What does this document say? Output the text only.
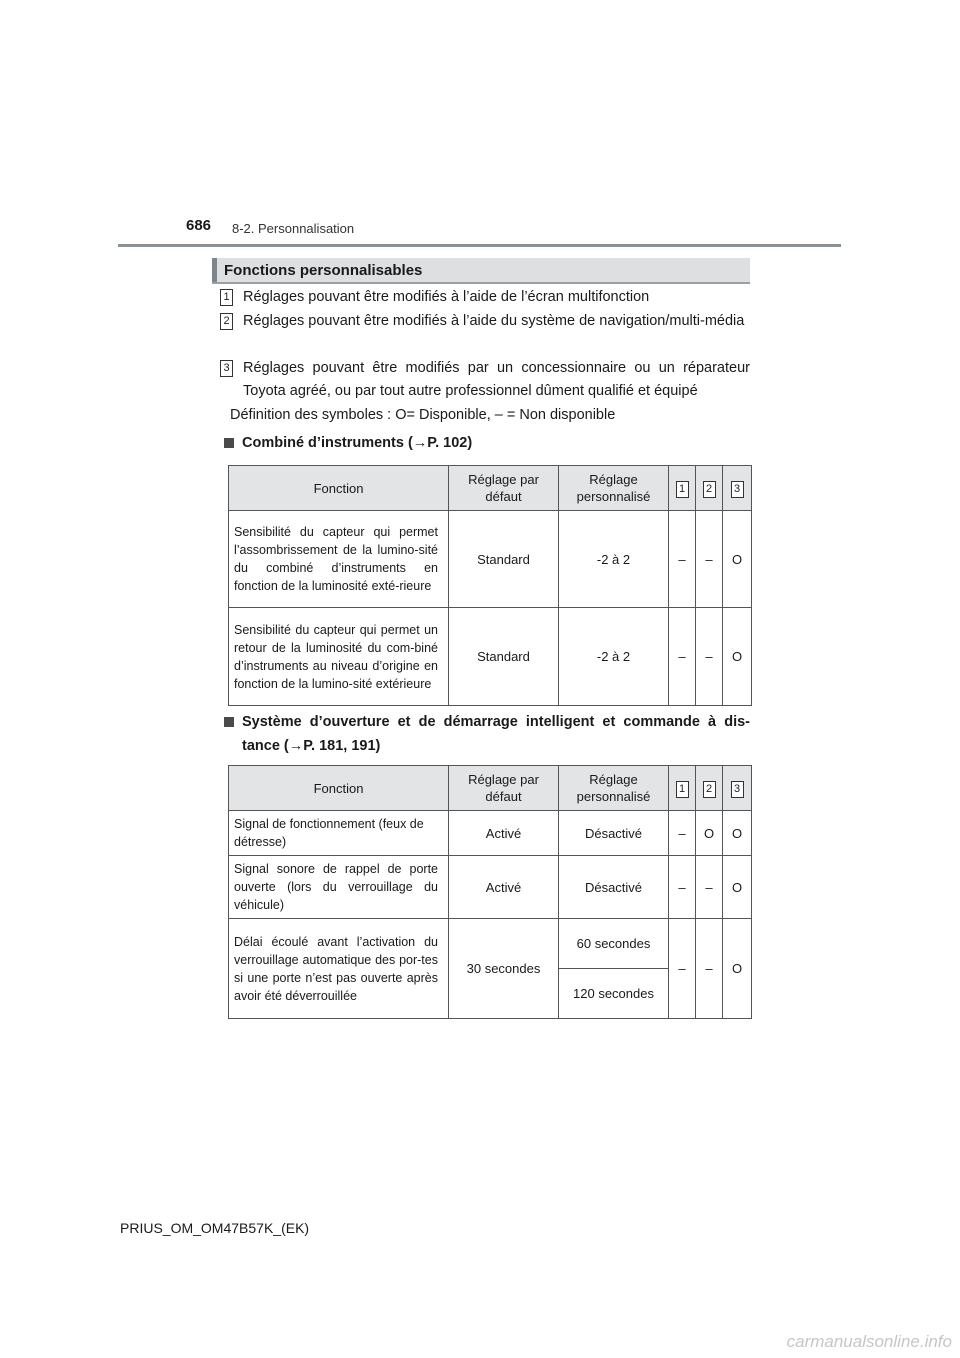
686 8-2. Personnalisation
Fonctions personnalisables
1 Réglages pouvant être modifiés à l’aide de l’écran multifonction
2 Réglages pouvant être modifiés à l’aide du système de navigation/multi-média
3 Réglages pouvant être modifiés par un concessionnaire ou un réparateur Toyota agréé, ou par tout autre professionnel dûment qualifié et équipé
Définition des symboles : O= Disponible, – = Non disponible
Combiné d’instruments (→P. 102)
Fonction	Réglage par défaut	Réglage personnalisé	1	2	3
Sensibilité du capteur qui permet l’assombrissement de la lumino-sité du combiné d’instruments en fonction de la luminosité exté-rieure	Standard	-2 à 2	–	–	O
Sensibilité du capteur qui permet un retour de la luminosité du com-biné d’instruments au niveau d’origine en fonction de la lumino-sité extérieure	Standard	-2 à 2	–	–	O
Système d’ouverture et de démarrage intelligent et commande à dis-tance (→P. 181, 191)
Fonction	Réglage par défaut	Réglage personnalisé	1	2	3
Signal de fonctionnement (feux de détresse)	Activé	Désactivé	–	O	O
Signal sonore de rappel de porte ouverte (lors du verrouillage du véhicule)	Activé	Désactivé	–	–	O
Délai écoulé avant l’activation du verrouillage automatique des por-tes si une porte n’est pas ouverte après avoir été déverrouillée	30 secondes	60 secondes	–	–	O
		120 secondes			
PRIUS_OM_OM47B57K_(EK)
carmanualsonline.info
